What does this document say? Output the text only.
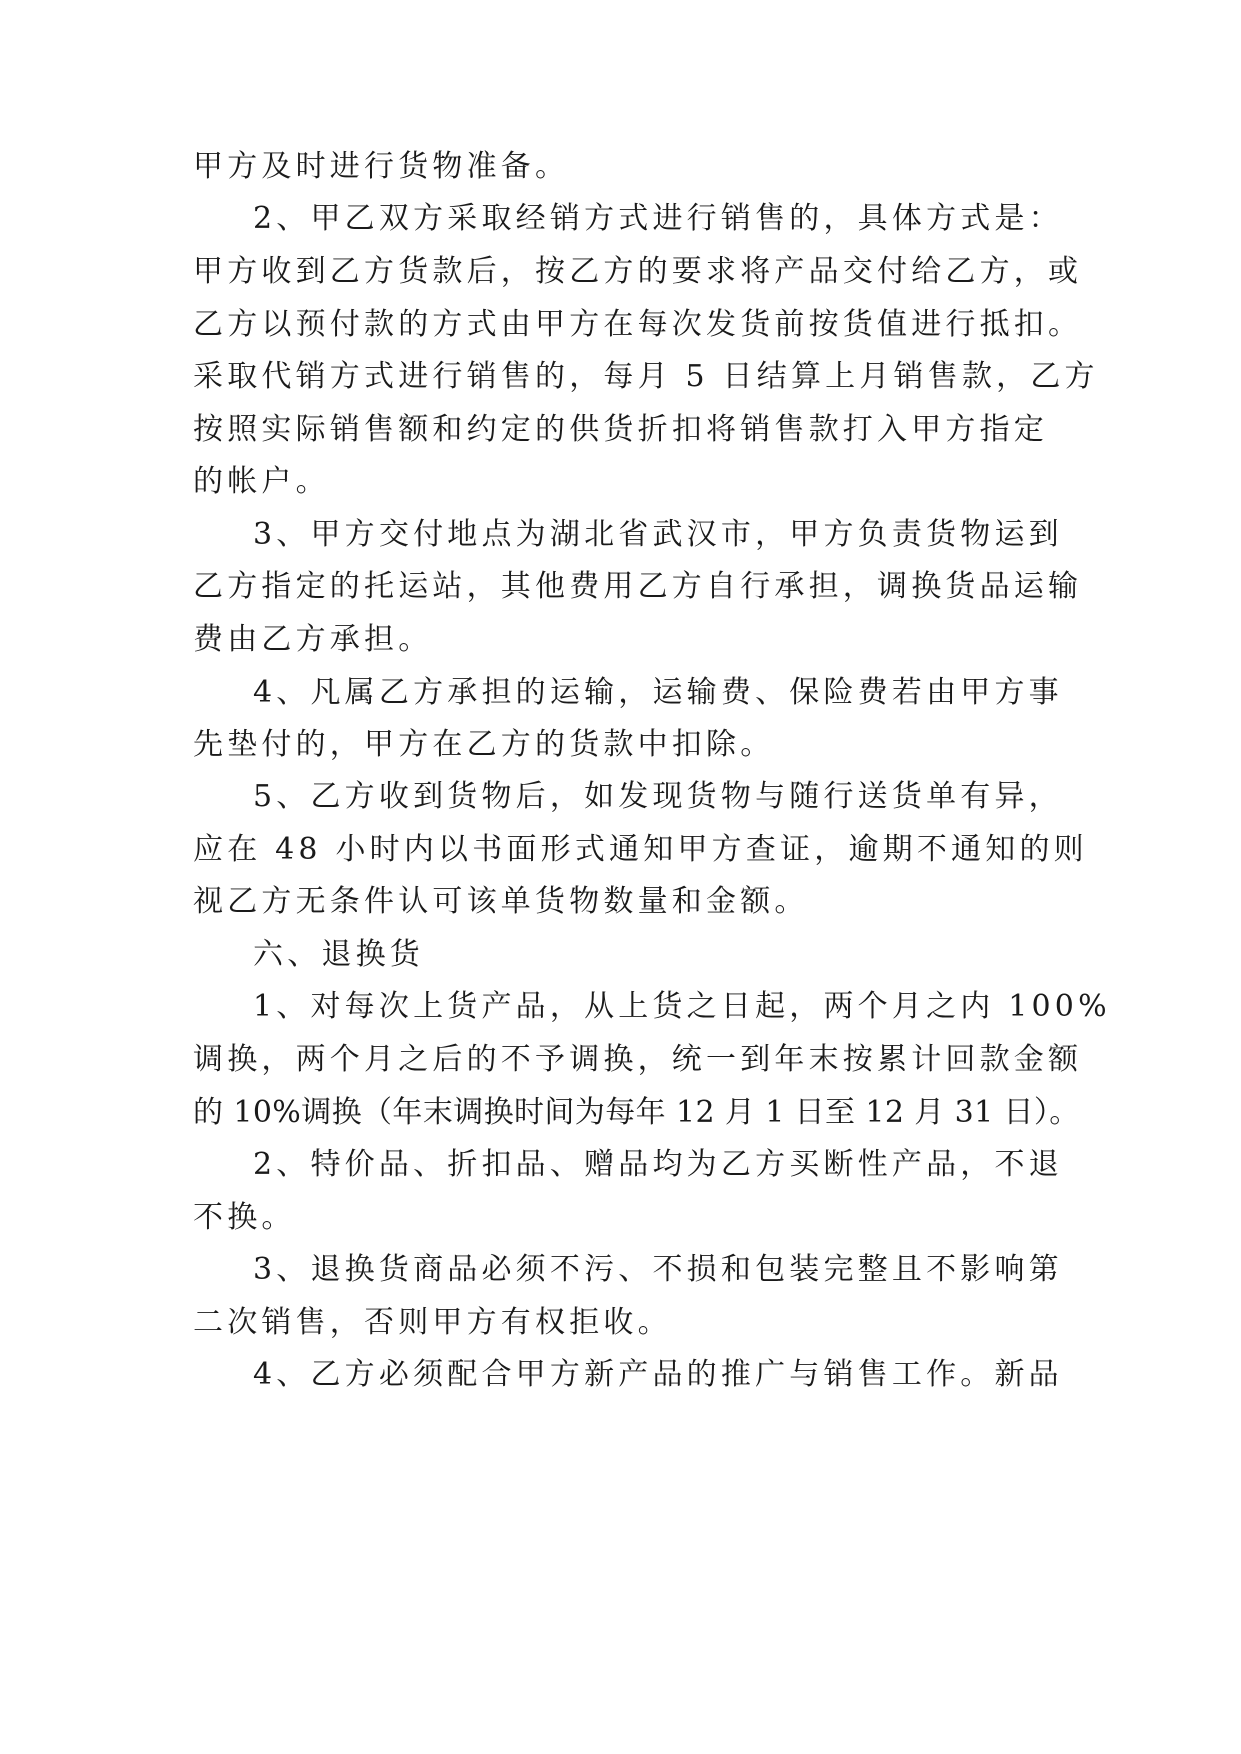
甲方及时进行货物准备。
2、甲乙双方采取经销方式进行销售的，具体方式是：
甲方收到乙方货款后，按乙方的要求将产品交付给乙方，或
乙方以预付款的方式由甲方在每次发货前按货值进行抵扣。
采取代销方式进行销售的，每月 5 日结算上月销售款，乙方
按照实际销售额和约定的供货折扣将销售款打入甲方指定
的帐户。
3、甲方交付地点为湖北省武汉市，甲方负责货物运到
乙方指定的托运站，其他费用乙方自行承担，调换货品运输
费由乙方承担。
4、凡属乙方承担的运输，运输费、保险费若由甲方事
先垫付的，甲方在乙方的货款中扣除。
5、乙方收到货物后，如发现货物与随行送货单有异，
应在 48 小时内以书面形式通知甲方查证，逾期不通知的则
视乙方无条件认可该单货物数量和金额。
六、退换货
1、对每次上货产品，从上货之日起，两个月之内 100%
调换，两个月之后的不予调换，统一到年末按累计回款金额
的 10%调换（年末调换时间为每年 12 月 1 日至 12 月 31 日）。
2、特价品、折扣品、赠品均为乙方买断性产品，不退
不换。
3、退换货商品必须不污、不损和包装完整且不影响第
二次销售，否则甲方有权拒收。
4、乙方必须配合甲方新产品的推广与销售工作。新品
